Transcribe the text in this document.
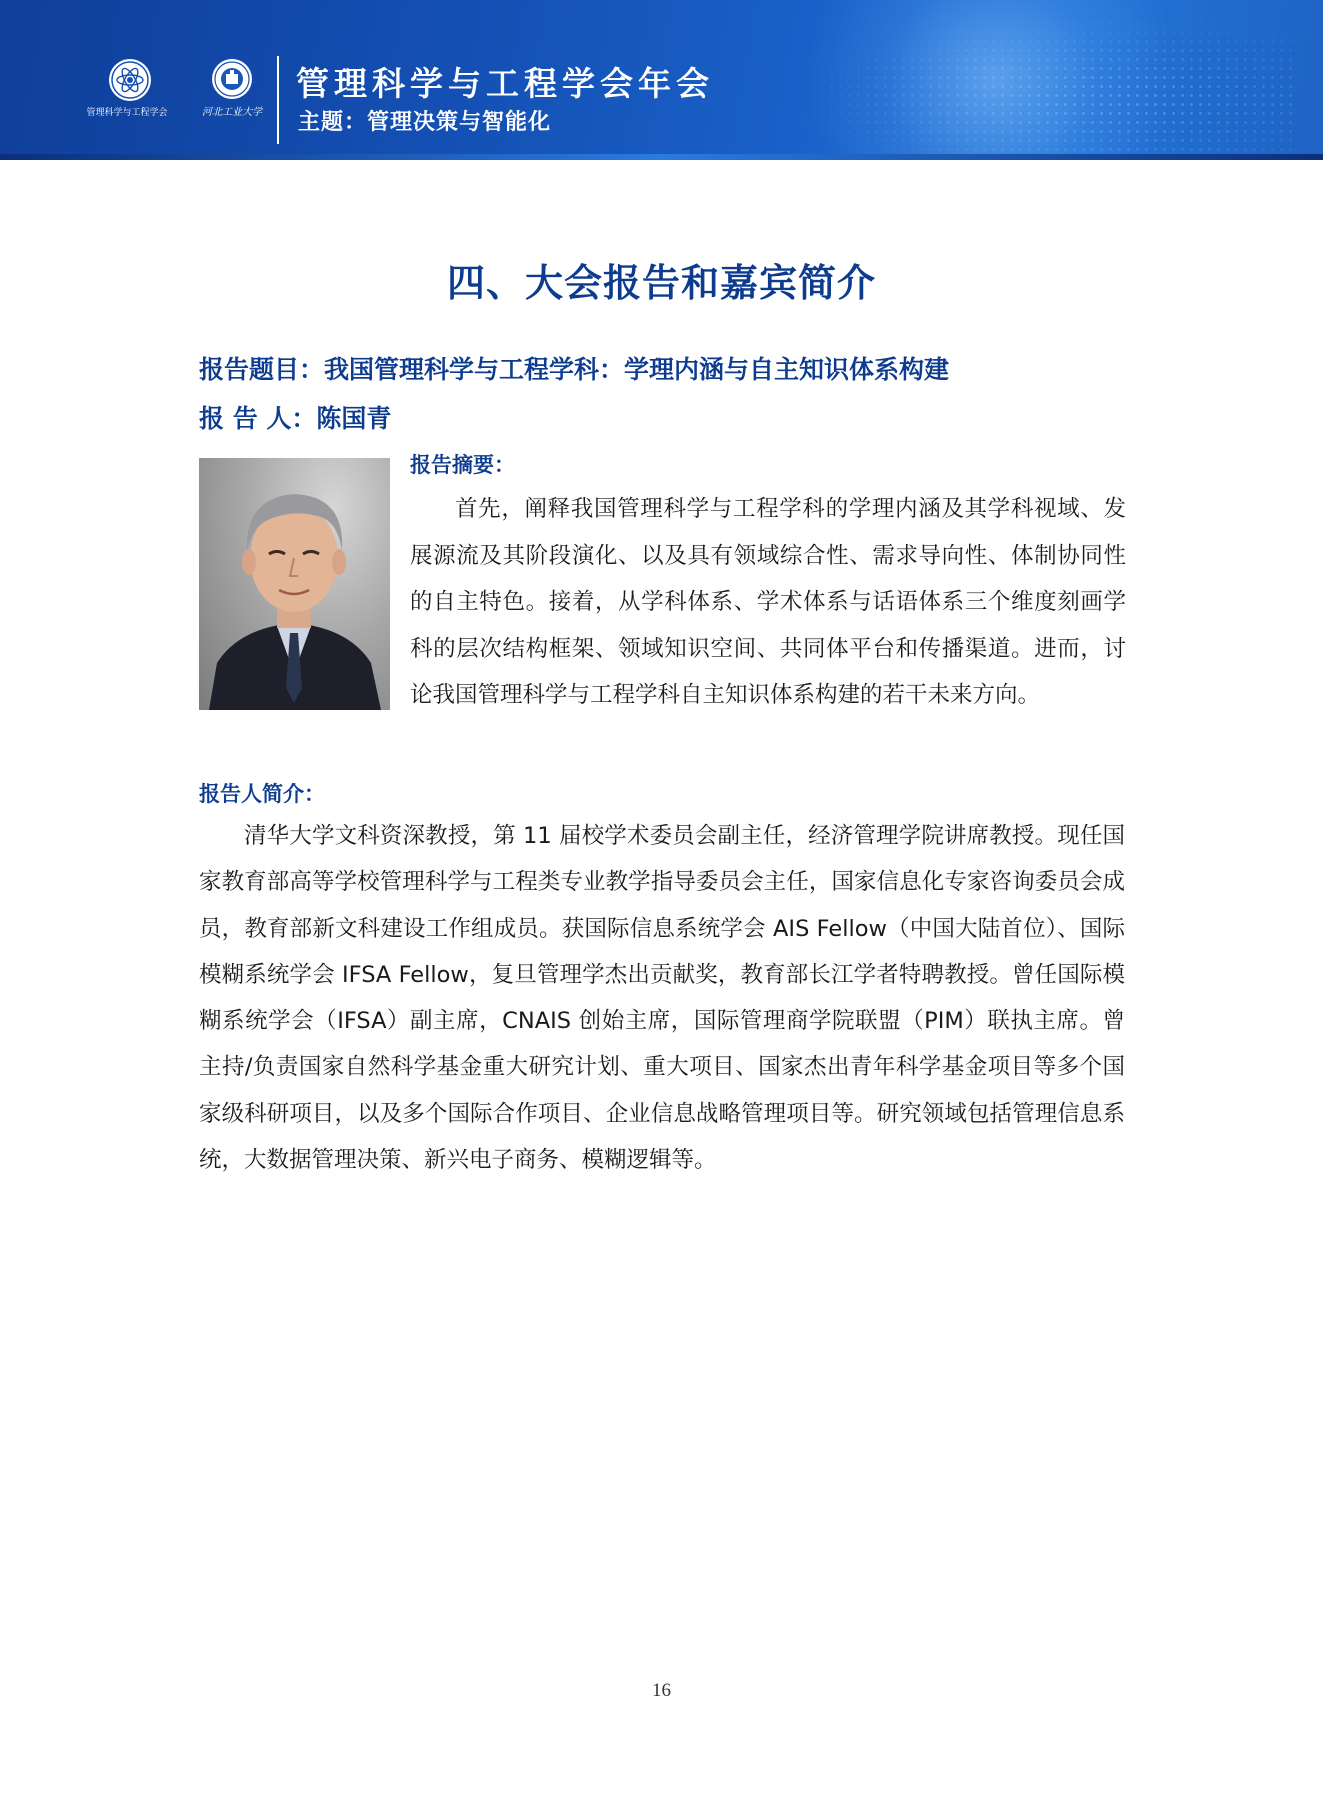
管理科学与工程学会	河北工业大学
管理科学与工程学会年会
主题：管理决策与智能化
四、大会报告和嘉宾简介
报告题目：我国管理科学与工程学科：学理内涵与自主知识体系构建
报 告 人：陈国青
报告摘要：
首先，阐释我国管理科学与工程学科的学理内涵及其学科视域、发展源流及其阶段演化、以及具有领域综合性、需求导向性、体制协同性的自主特色。接着，从学科体系、学术体系与话语体系三个维度刻画学科的层次结构框架、领域知识空间、共同体平台和传播渠道。进而，讨论我国管理科学与工程学科自主知识体系构建的若干未来方向。
报告人简介：
清华大学文科资深教授，第 11 届校学术委员会副主任，经济管理学院讲席教授。现任国家教育部高等学校管理科学与工程类专业教学指导委员会主任，国家信息化专家咨询委员会成员，教育部新文科建设工作组成员。获国际信息系统学会 AIS Fellow（中国大陆首位）、国际模糊系统学会 IFSA Fellow，复旦管理学杰出贡献奖，教育部长江学者特聘教授。曾任国际模糊系统学会（IFSA）副主席，CNAIS 创始主席，国际管理商学院联盟（PIM）联执主席。曾主持/负责国家自然科学基金重大研究计划、重大项目、国家杰出青年科学基金项目等多个国家级科研项目，以及多个国际合作项目、企业信息战略管理项目等。研究领域包括管理信息系统，大数据管理决策、新兴电子商务、模糊逻辑等。
16
